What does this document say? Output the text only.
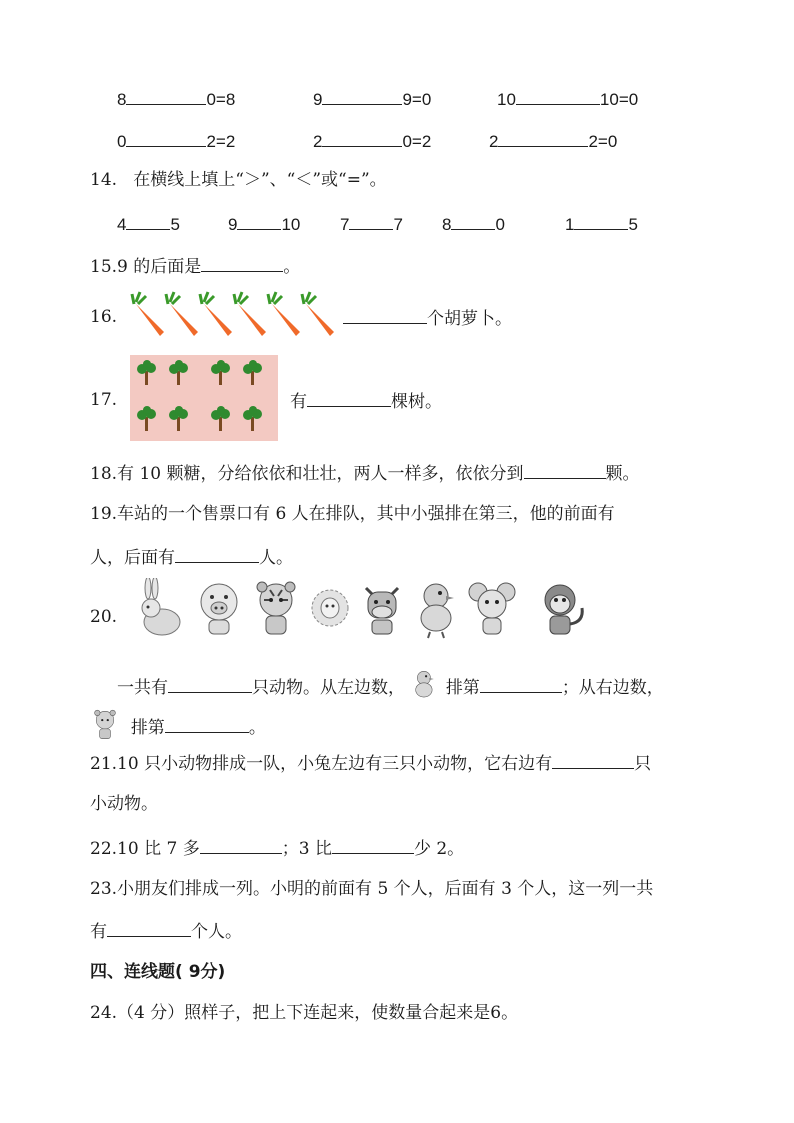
8	0=8	9	9=0	10	10=0
0	2=2	2	0=2	2	2=0
14. 在横线上填上“＞”、“＜”或“=”。
4	5	9	10 7	7 8	0	1	5
15.9 的后面是	。
16.	个胡萝卜。
17.	有	棵树。
18.有 10 颗糖，分给依依和壮壮，两人一样多，依依分到	颗。
19.车站的一个售票口有 6 人在排队，其中小强排在第三，他的前面有
人，后面有	人。
20.
一共有	只动物。从左边数， 排第	；从右边数，
排第	。
21.10 只小动物排成一队，小兔左边有三只小动物，它右边有	只
小动物。
22.10 比 7 多	；3 比	少 2。
23.小朋友们排成一列。小明的前面有 5 个人，后面有 3 个人，这一列一共
有	个人。
四、连线题( 9分)
24.（4 分）照样子，把上下连起来，使数量合起来是6。
